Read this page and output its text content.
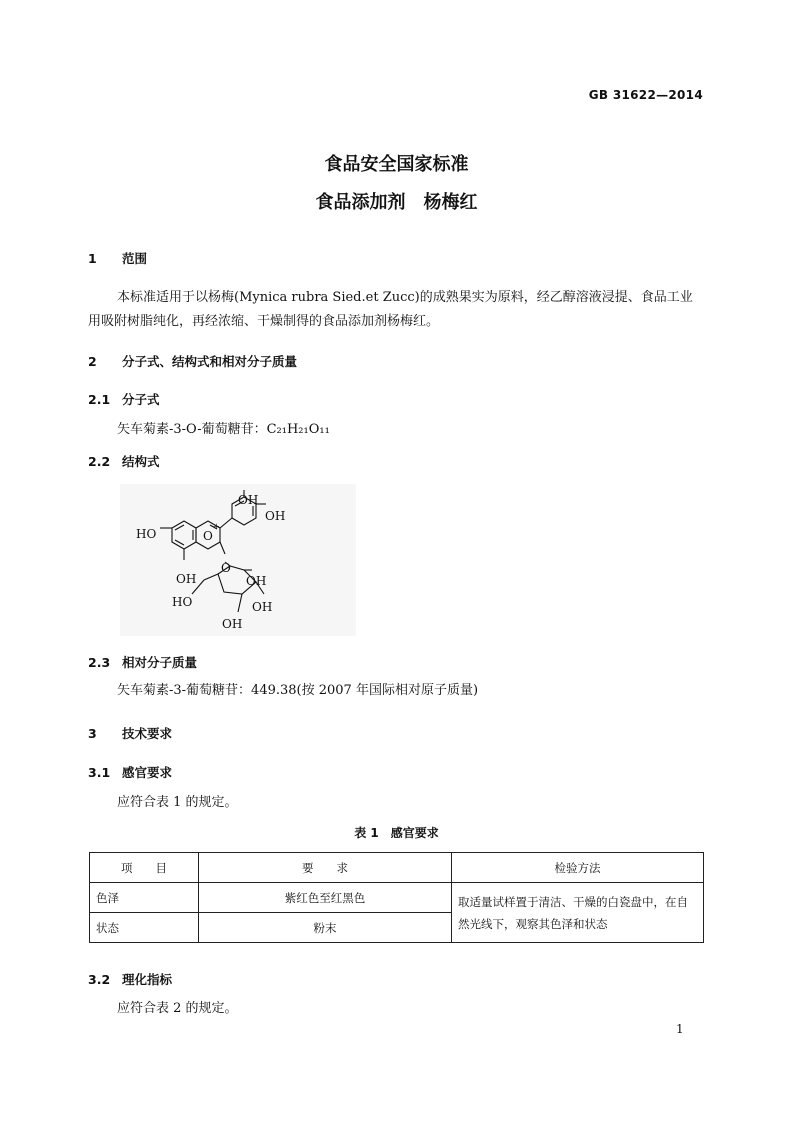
GB 31622—2014
食品安全国家标准
食品添加剂　杨梅红
1 范围
本标准适用于以杨梅(Mynica rubra Sied.et Zucc)的成熟果实为原料，经乙醇溶液浸提、食品工业用吸附树脂纯化，再经浓缩、干燥制得的食品添加剂杨梅红。
2 分子式、结构式和相对分子质量
2.1 分子式
矢车菊素-3-O-葡萄糖苷：C₂₁H₂₁O₁₁
2.2 结构式
OH
OH
HO	O
+
OH
O
HO
OH
OH
OH
2.3 相对分子质量
矢车菊素-3-葡萄糖苷：449.38(按 2007 年国际相对原子质量)
3 技术要求
3.1 感官要求
应符合表 1 的规定。
表 1　感官要求
项　　目	要　　求	检验方法
色泽	紫红色至红黑色	取适量试样置于清洁、干燥的白瓷盘中，在自然光线下，观察其色泽和状态
状态	粉末	
3.2 理化指标
应符合表 2 的规定。
1
